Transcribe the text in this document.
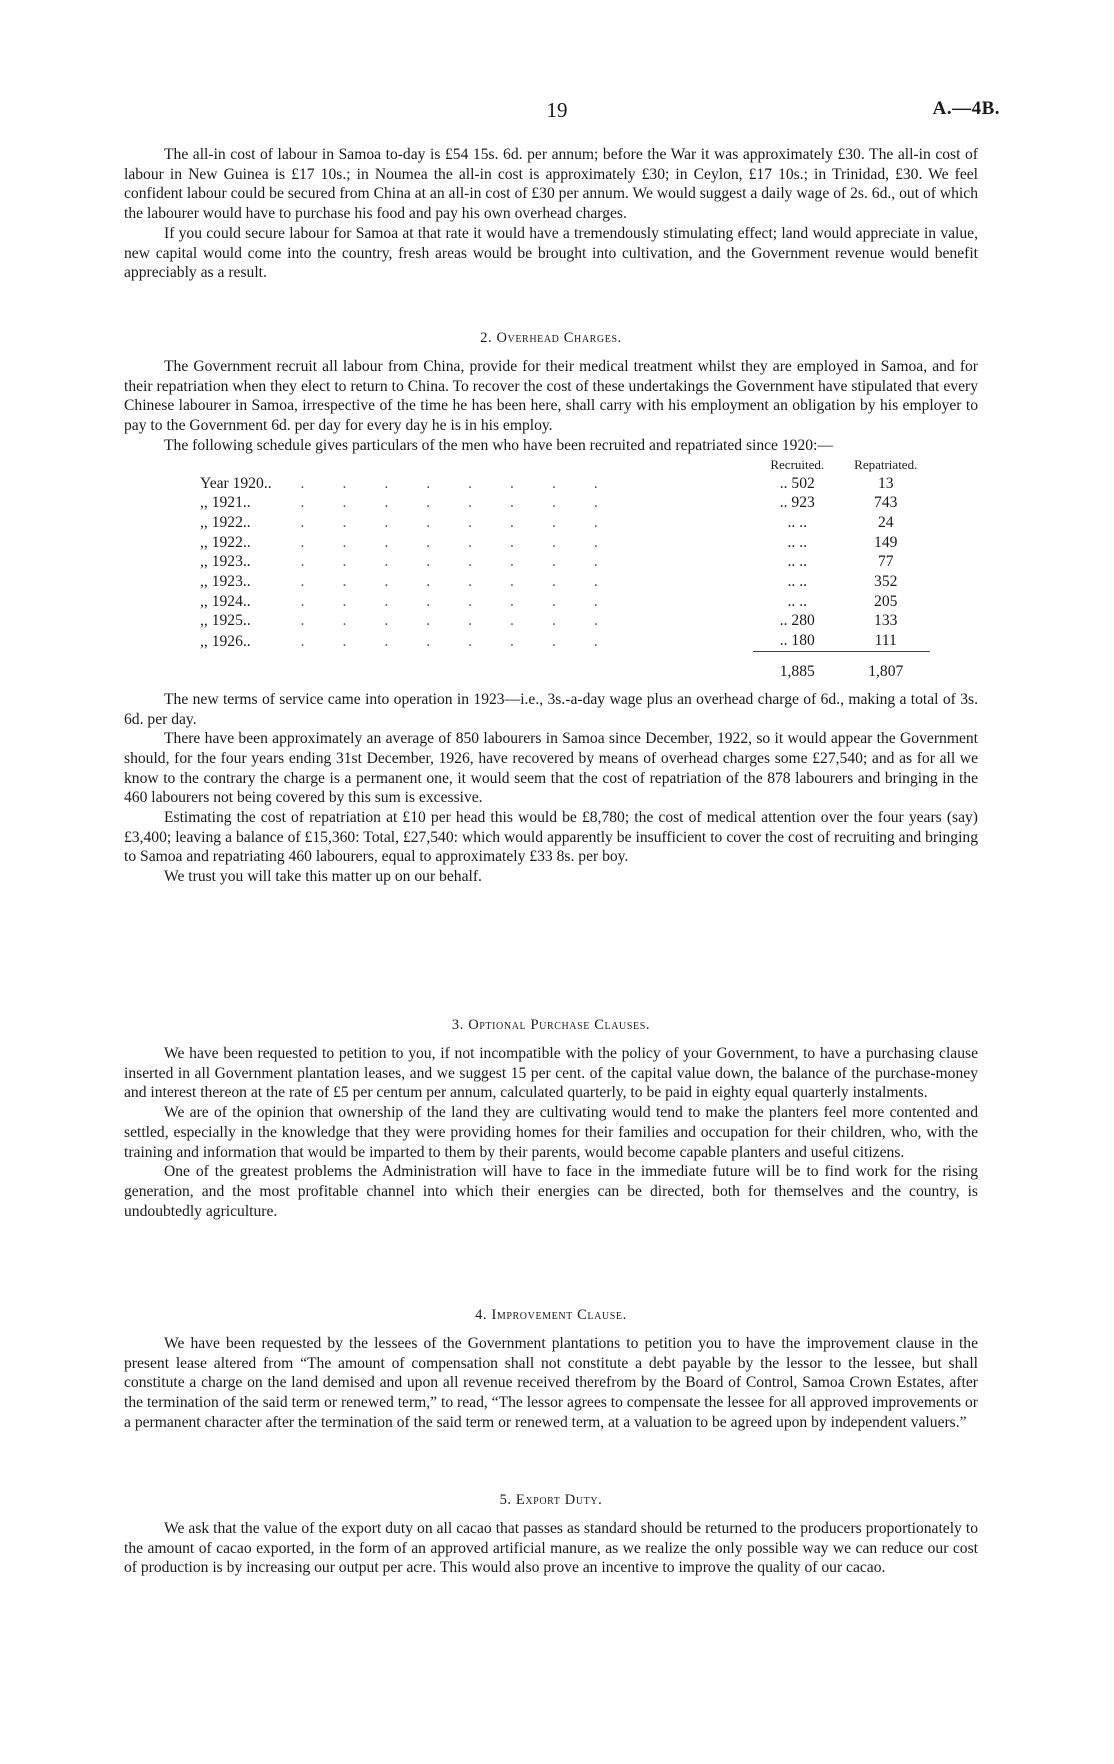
19	A.—4B.

The all-in cost of labour in Samoa to-day is £54 15s. 6d. per annum; before the War it was approximately £30. The all-in cost of labour in New Guinea is £17 10s.; in Noumea the all-in cost is approximately £30; in Ceylon, £17 10s.; in Trinidad, £30. We feel confident labour could be secured from China at an all-in cost of £30 per annum. We would suggest a daily wage of 2s. 6d., out of which the labourer would have to purchase his food and pay his own overhead charges.

If you could secure labour for Samoa at that rate it would have a tremendously stimulating effect; land would appreciate in value, new capital would come into the country, fresh areas would be brought into cultivation, and the Government revenue would benefit appreciably as a result.

2. Overhead Charges.

The Government recruit all labour from China, provide for their medical treatment whilst they are employed in Samoa, and for their repatriation when they elect to return to China. To recover the cost of these undertakings the Government have stipulated that every Chinese labourer in Samoa, irrespective of the time he has been here, shall carry with his employment an obligation by his employer to pay to the Government 6d. per day for every day he is in his employ.

The following schedule gives particulars of the men who have been recruited and repatriated since 1920:—

		Recruited.	Repatriated.
Year 1920..	........	.. 502	13
,, 1921..	........	.. 923	743
,, 1922..	........	.. ..	24
,, 1922..	........	.. ..	149
,, 1923..	........	.. ..	77
,, 1923..	........	.. ..	352
,, 1924..	........	.. ..	205
,, 1925..	........	.. 280	133
,, 1926..	........	.. 180	111
		1,885	1,807

The new terms of service came into operation in 1923—i.e., 3s.-a-day wage plus an overhead charge of 6d., making a total of 3s. 6d. per day.

There have been approximately an average of 850 labourers in Samoa since December, 1922, so it would appear the Government should, for the four years ending 31st December, 1926, have recovered by means of overhead charges some £27,540; and as for all we know to the contrary the charge is a permanent one, it would seem that the cost of repatriation of the 878 labourers and bringing in the 460 labourers not being covered by this sum is excessive.

Estimating the cost of repatriation at £10 per head this would be £8,780; the cost of medical attention over the four years (say) £3,400; leaving a balance of £15,360: Total, £27,540: which would apparently be insufficient to cover the cost of recruiting and bringing to Samoa and repatriating 460 labourers, equal to approximately £33 8s. per boy.

We trust you will take this matter up on our behalf.

3. Optional Purchase Clauses.

We have been requested to petition to you, if not incompatible with the policy of your Government, to have a purchasing clause inserted in all Government plantation leases, and we suggest 15 per cent. of the capital value down, the balance of the purchase-money and interest thereon at the rate of £5 per centum per annum, calculated quarterly, to be paid in eighty equal quarterly instalments.

We are of the opinion that ownership of the land they are cultivating would tend to make the planters feel more contented and settled, especially in the knowledge that they were providing homes for their families and occupation for their children, who, with the training and information that would be imparted to them by their parents, would become capable planters and useful citizens.

One of the greatest problems the Administration will have to face in the immediate future will be to find work for the rising generation, and the most profitable channel into which their energies can be directed, both for themselves and the country, is undoubtedly agriculture.

4. Improvement Clause.

We have been requested by the lessees of the Government plantations to petition you to have the improvement clause in the present lease altered from “The amount of compensation shall not constitute a debt payable by the lessor to the lessee, but shall constitute a charge on the land demised and upon all revenue received therefrom by the Board of Control, Samoa Crown Estates, after the termination of the said term or renewed term,” to read, “The lessor agrees to compensate the lessee for all approved improvements or a permanent character after the termination of the said term or renewed term, at a valuation to be agreed upon by independent valuers.”

5. Export Duty.

We ask that the value of the export duty on all cacao that passes as standard should be returned to the producers proportionately to the amount of cacao exported, in the form of an approved artificial manure, as we realize the only possible way we can reduce our cost of production is by increasing our output per acre. This would also prove an incentive to improve the quality of our cacao.
